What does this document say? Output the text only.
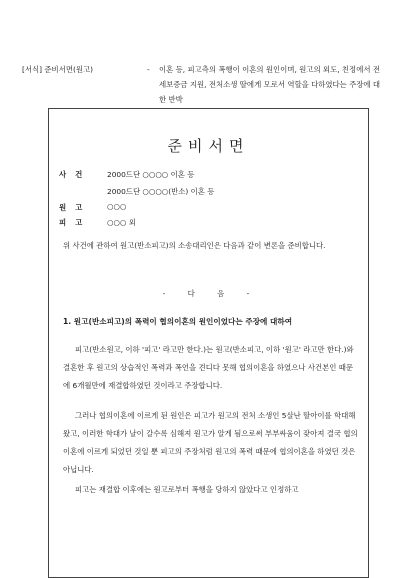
[서식] 준비서면(원고)	- 이혼 등, 피고측의 폭행이 이혼의 원인이며, 원고의 외도, 친정에서 전세보증금 지원, 전처소생 딸에게 모로서 역할을 다하였다는 주장에 대한 반박
준비서면
사건 2000드단 ○○○○ 이혼 등
2000드단 ○○○○(반소) 이혼 등
원고 ○○○
피고 ○○○ 외
위 사건에 관하여 원고(반소피고)의 소송대리인은 다음과 같이 변론을 준비합니다.
- 다 음 -
1. 원고(반소피고)의 폭력이 협의이혼의 원인이었다는 주장에 대하여
피고(반소원고, 이하 '피고' 라고만 한다.)는 원고(반소피고, 이하 '원고' 라고만 한다.)와 결혼한 후 원고의 상습적인 폭력과 폭언을 견디다 못해 협의이혼을 하였으나 사건본인 때문에 6개월만에 재결합하였던 것이라고 주장합니다.
그러나 협의이혼에 이르게 된 원인은 피고가 원고의 전처 소생인 5살난 딸아이를 학대해 왔고, 이러한 학대가 날이 갈수록 심해져 원고가 알게 됨으로써 부부싸움이 잦아져 결국 협의이혼에 이르게 되었던 것일 뿐 피고의 주장처럼 원고의 폭력 때문에 협의이혼을 하였던 것은 아닙니다.
피고는 재결합 이후에는 원고로부터 폭행을 당하지 않았다고 인정하고
